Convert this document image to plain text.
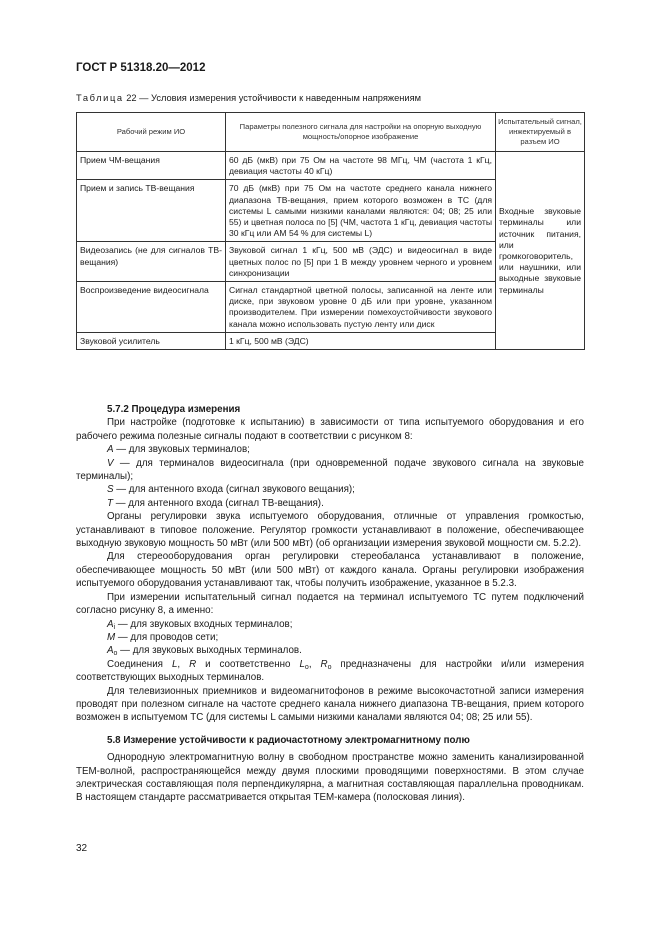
ГОСТ Р 51318.20—2012
Таблица 22 — Условия измерения устойчивости к наведенным напряжениям
Рабочий режим ИО	Параметры полезного сигнала для настройки на опорную выходную мощность/опорное изображение	Испытательный сигнал, инжектируемый в разъем ИО
Прием ЧМ-вещания	60 дБ (мкВ) при 75 Ом на частоте 98 МГц, ЧМ (частота 1 кГц, девиация частоты 40 кГц)	Входные звуковые терминалы или источник питания, или громкоговоритель, или наушники, или выходные звуковые терминалы
Прием и запись ТВ-вещания	70 дБ (мкВ) при 75 Ом на частоте среднего канала нижнего диапазона ТВ-вещания, прием которого возможен в ТС (для системы L самыми низкими каналами являются: 04; 08; 25 или 55) и цветная полоса по [5] (ЧМ, частота 1 кГц, девиация частоты 30 кГц или АМ 54 % для системы L)	
Видеозапись (не для сигналов ТВ-вещания)	Звуковой сигнал 1 кГц, 500 мВ (ЭДС) и видеосигнал в виде цветных полос по [5] при 1 В между уровнем черного и уровнем синхронизации	
Воспроизведение видеосигнала	Сигнал стандартной цветной полосы, записанной на ленте или диске, при звуковом уровне 0 дБ или при уровне, указанном производителем. При измерении помехоустойчивости звукового канала можно использовать пустую ленту или диск	
Звуковой усилитель	1 кГц, 500 мВ (ЭДС)	
5.7.2 Процедура измерения

При настройке (подготовке к испытанию) в зависимости от типа испытуемого оборудования и его рабочего режима полезные сигналы подают в соответствии с рисунком 8:

A — для звуковых терминалов;

V — для терминалов видеосигнала (при одновременной подаче звукового сигнала на звуковые терминалы);

S — для антенного входа (сигнал звукового вещания);

T — для антенного входа (сигнал ТВ-вещания).

Органы регулировки звука испытуемого оборудования, отличные от управления громкостью, устанавливают в типовое положение. Регулятор громкости устанавливают в положение, обеспечивающее выходную звуковую мощность 50 мВт (или 500 мВт) (об организации измерения звуковой мощности см. 5.2.2).

Для стереооборудования орган регулировки стереобаланса устанавливают в положение, обеспечивающее мощность 50 мВт (или 500 мВт) от каждого канала. Органы регулировки изображения испытуемого оборудования устанавливают так, чтобы получить изображение, указанное в 5.2.3.

При измерении испытательный сигнал подается на терминал испытуемого ТС путем подключений согласно рисунку 8, а именно:

$A_i$ — для звуковых входных терминалов;

M — для проводов сети;

$A_o$ — для звуковых выходных терминалов.

Соединения L, R и соответственно $L_o$, $R_o$ предназначены для настройки и/или измерения соответствующих выходных терминалов.

Для телевизионных приемников и видеомагнитофонов в режиме высокочастотной записи измерения проводят при полезном сигнале на частоте среднего канала нижнего диапазона ТВ-вещания, прием которого возможен в испытуемом ТС (для системы L самыми низкими каналами являются 04; 08; 25 или 55).

5.8 Измерение устойчивости к радиочастотному электромагнитному полю

Однородную электромагнитную волну в свободном пространстве можно заменить канализированной ТЕМ-волной, распространяющейся между двумя плоскими проводящими поверхностями. В этом случае электрическая составляющая поля перпендикулярна, а магнитная составляющая параллельна проводникам. В настоящем стандарте рассматривается открытая ТЕМ-камера (полосковая линия).

32
